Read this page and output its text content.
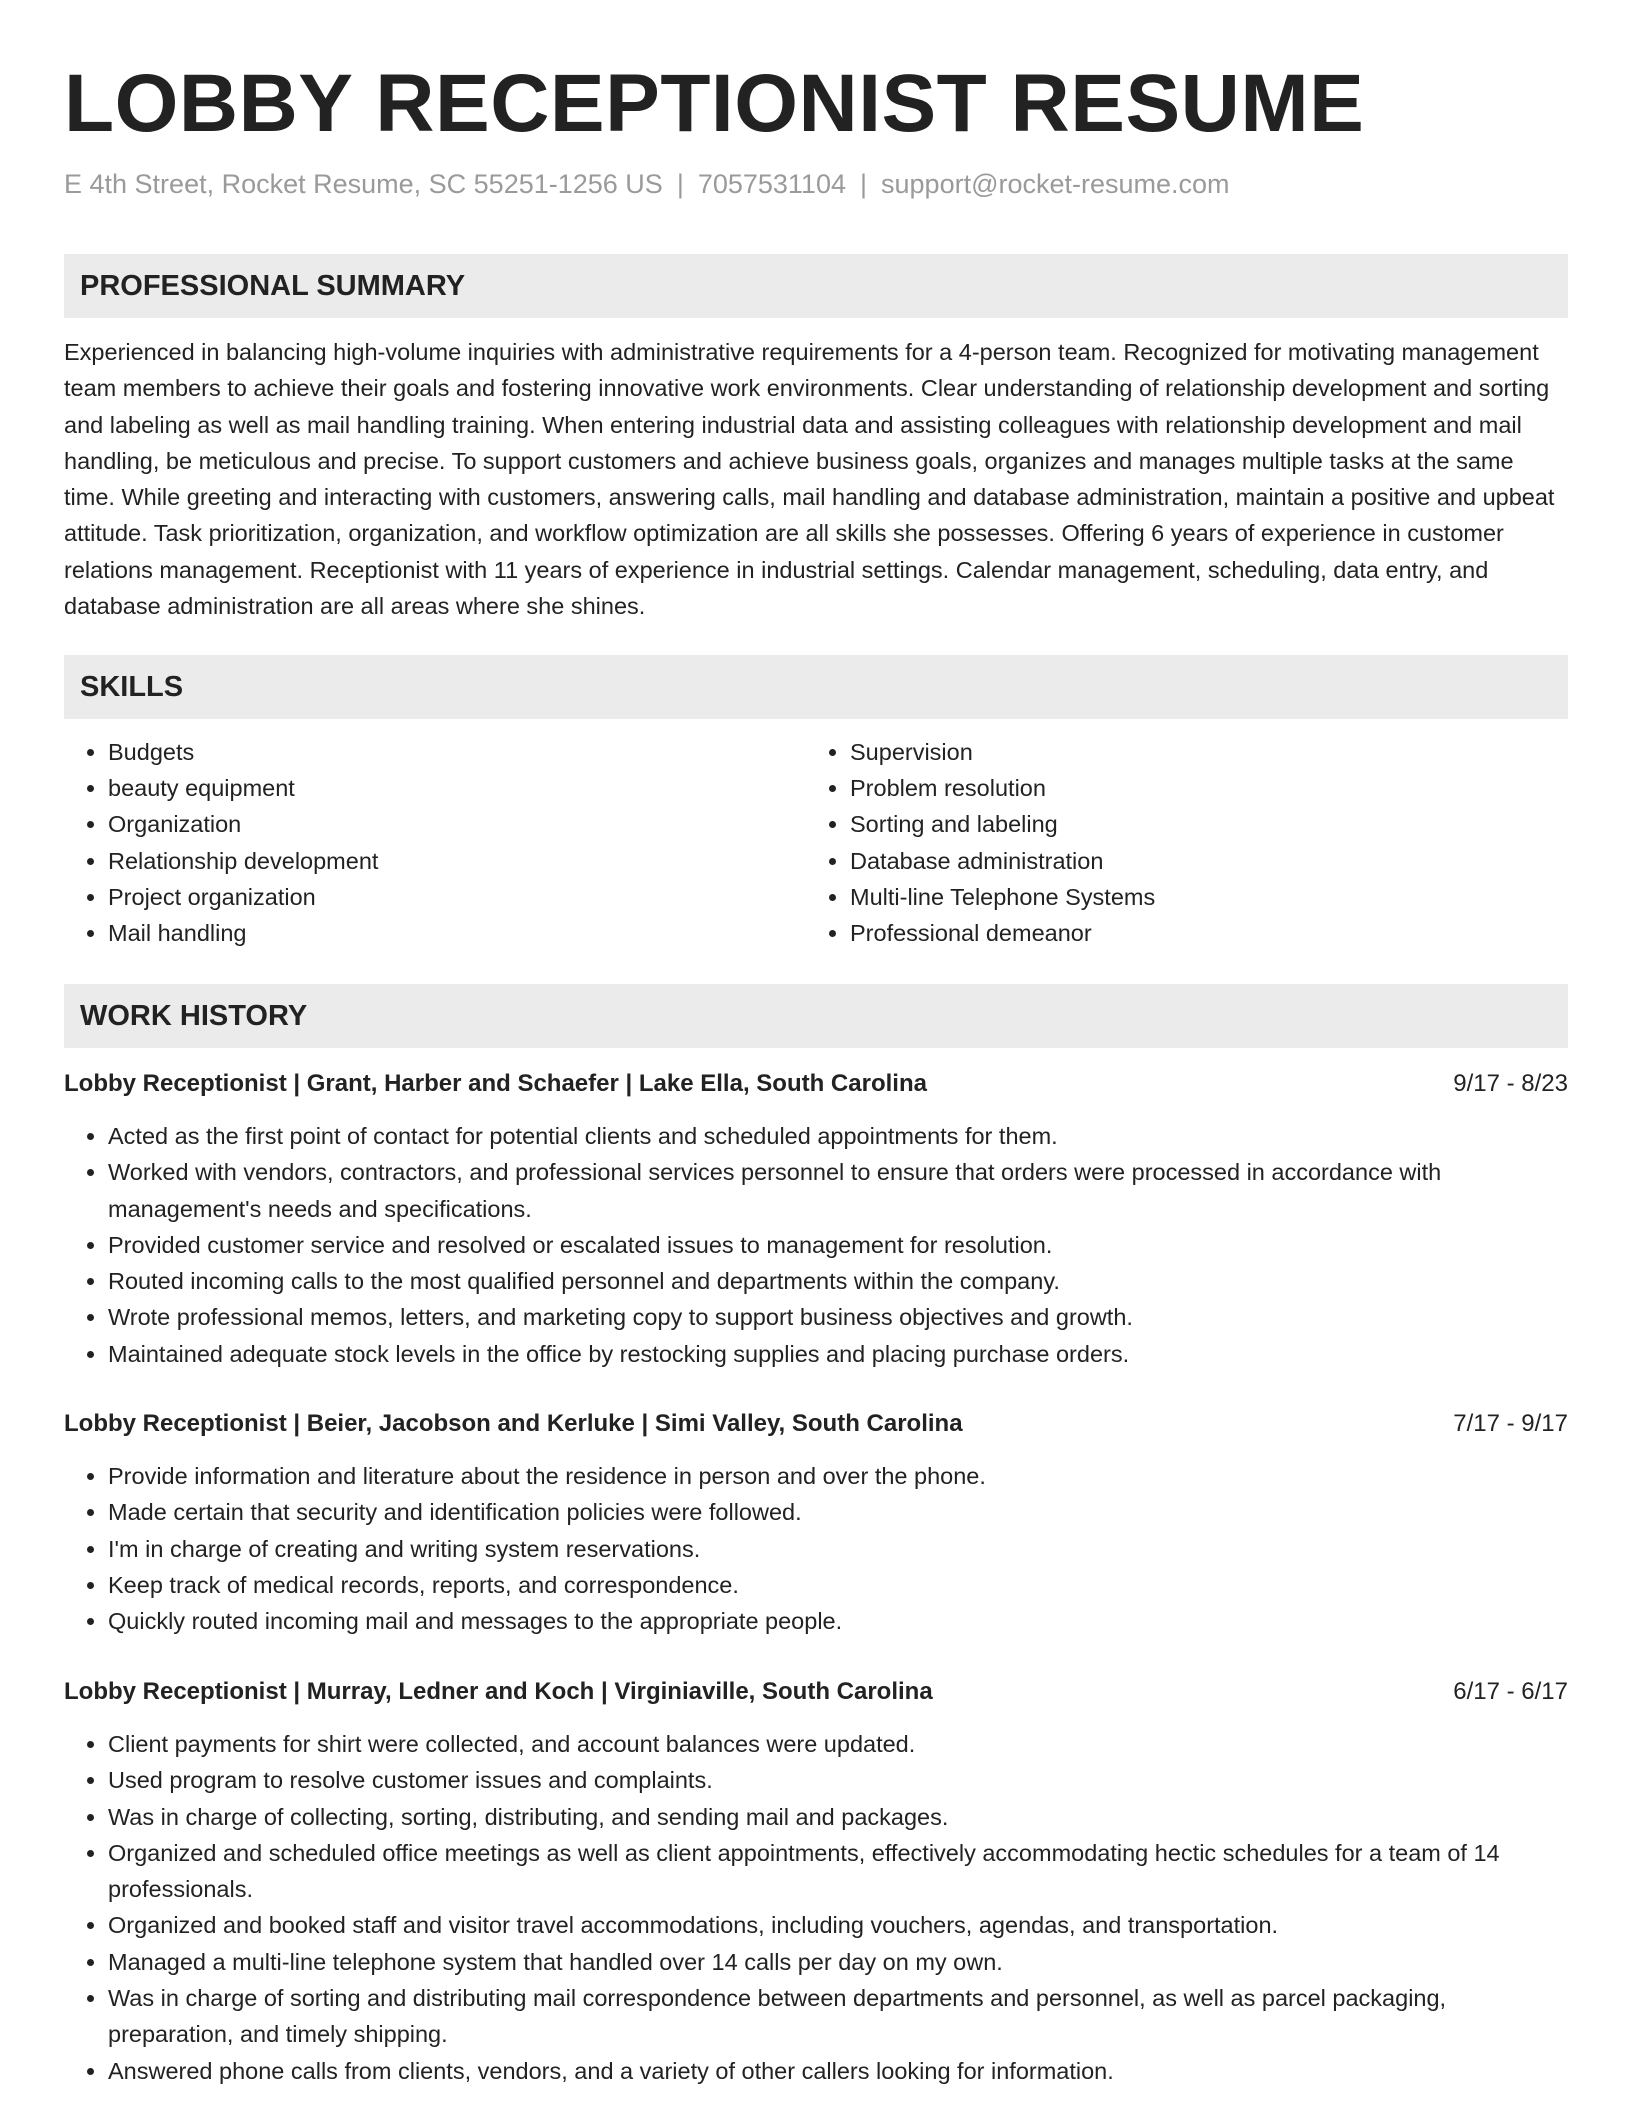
LOBBY RECEPTIONIST RESUME
E 4th Street, Rocket Resume, SC 55251-1256 US | 7057531104 | support@rocket-resume.com
PROFESSIONAL SUMMARY

Experienced in balancing high-volume inquiries with administrative requirements for a 4-person team. Recognized for motivating management team members to achieve their goals and fostering innovative work environments. Clear understanding of relationship development and sorting and labeling as well as mail handling training. When entering industrial data and assisting colleagues with relationship development and mail handling, be meticulous and precise. To support customers and achieve business goals, organizes and manages multiple tasks at the same time. While greeting and interacting with customers, answering calls, mail handling and database administration, maintain a positive and upbeat attitude. Task prioritization, organization, and workflow optimization are all skills she possesses. Offering 6 years of experience in customer relations management. Receptionist with 11 years of experience in industrial settings. Calendar management, scheduling, data entry, and database administration are all areas where she shines.

SKILLS
• Budgets
• beauty equipment
• Organization
• Relationship development
• Project organization
• Mail handling
• Supervision
• Problem resolution
• Sorting and labeling
• Database administration
• Multi-line Telephone Systems
• Professional demeanor
WORK HISTORY
Lobby Receptionist | Grant, Harber and Schaefer | Lake Ella, South Carolina	9/17 - 8/23
• Acted as the first point of contact for potential clients and scheduled appointments for them.
• Worked with vendors, contractors, and professional services personnel to ensure that orders were processed in accordance with management's needs and specifications.
• Provided customer service and resolved or escalated issues to management for resolution.
• Routed incoming calls to the most qualified personnel and departments within the company.
• Wrote professional memos, letters, and marketing copy to support business objectives and growth.
• Maintained adequate stock levels in the office by restocking supplies and placing purchase orders.
Lobby Receptionist | Beier, Jacobson and Kerluke | Simi Valley, South Carolina	7/17 - 9/17
• Provide information and literature about the residence in person and over the phone.
• Made certain that security and identification policies were followed.
• I'm in charge of creating and writing system reservations.
• Keep track of medical records, reports, and correspondence.
• Quickly routed incoming mail and messages to the appropriate people.
Lobby Receptionist | Murray, Ledner and Koch | Virginiaville, South Carolina	6/17 - 6/17
• Client payments for shirt were collected, and account balances were updated.
• Used program to resolve customer issues and complaints.
• Was in charge of collecting, sorting, distributing, and sending mail and packages.
• Organized and scheduled office meetings as well as client appointments, effectively accommodating hectic schedules for a team of 14 professionals.
• Organized and booked staff and visitor travel accommodations, including vouchers, agendas, and transportation.
• Managed a multi-line telephone system that handled over 14 calls per day on my own.
• Was in charge of sorting and distributing mail correspondence between departments and personnel, as well as parcel packaging, preparation, and timely shipping.
• Answered phone calls from clients, vendors, and a variety of other callers looking for information.
